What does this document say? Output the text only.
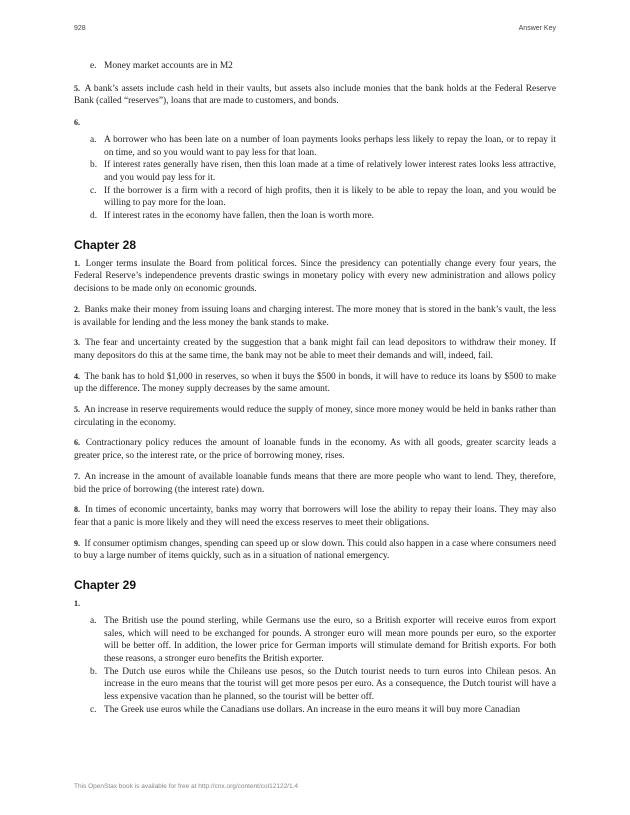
928	Answer Key
e. Money market accounts are in M2
5. A bank’s assets include cash held in their vaults, but assets also include monies that the bank holds at the Federal Reserve Bank (called “reserves”), loans that are made to customers, and bonds.
6.
a. A borrower who has been late on a number of loan payments looks perhaps less likely to repay the loan, or to repay it on time, and so you would want to pay less for that loan.
b. If interest rates generally have risen, then this loan made at a time of relatively lower interest rates looks less attractive, and you would pay less for it.
c. If the borrower is a firm with a record of high profits, then it is likely to be able to repay the loan, and you would be willing to pay more for the loan.
d. If interest rates in the economy have fallen, then the loan is worth more.
Chapter 28
1. Longer terms insulate the Board from political forces. Since the presidency can potentially change every four years, the Federal Reserve’s independence prevents drastic swings in monetary policy with every new administration and allows policy decisions to be made only on economic grounds.
2. Banks make their money from issuing loans and charging interest. The more money that is stored in the bank’s vault, the less is available for lending and the less money the bank stands to make.
3. The fear and uncertainty created by the suggestion that a bank might fail can lead depositors to withdraw their money. If many depositors do this at the same time, the bank may not be able to meet their demands and will, indeed, fail.
4. The bank has to hold $1,000 in reserves, so when it buys the $500 in bonds, it will have to reduce its loans by $500 to make up the difference. The money supply decreases by the same amount.
5. An increase in reserve requirements would reduce the supply of money, since more money would be held in banks rather than circulating in the economy.
6. Contractionary policy reduces the amount of loanable funds in the economy. As with all goods, greater scarcity leads a greater price, so the interest rate, or the price of borrowing money, rises.
7. An increase in the amount of available loanable funds means that there are more people who want to lend. They, therefore, bid the price of borrowing (the interest rate) down.
8. In times of economic uncertainty, banks may worry that borrowers will lose the ability to repay their loans. They may also fear that a panic is more likely and they will need the excess reserves to meet their obligations.
9. If consumer optimism changes, spending can speed up or slow down. This could also happen in a case where consumers need to buy a large number of items quickly, such as in a situation of national emergency.
Chapter 29
1.
a. The British use the pound sterling, while Germans use the euro, so a British exporter will receive euros from export sales, which will need to be exchanged for pounds. A stronger euro will mean more pounds per euro, so the exporter will be better off. In addition, the lower price for German imports will stimulate demand for British exports. For both these reasons, a stronger euro benefits the British exporter.
b. The Dutch use euros while the Chileans use pesos, so the Dutch tourist needs to turn euros into Chilean pesos. An increase in the euro means that the tourist will get more pesos per euro. As a consequence, the Dutch tourist will have a less expensive vacation than he planned, so the tourist will be better off.
c. The Greek use euros while the Canadians use dollars. An increase in the euro means it will buy more Canadian
This OpenStax book is available for free at http://cnx.org/content/col12122/1.4
